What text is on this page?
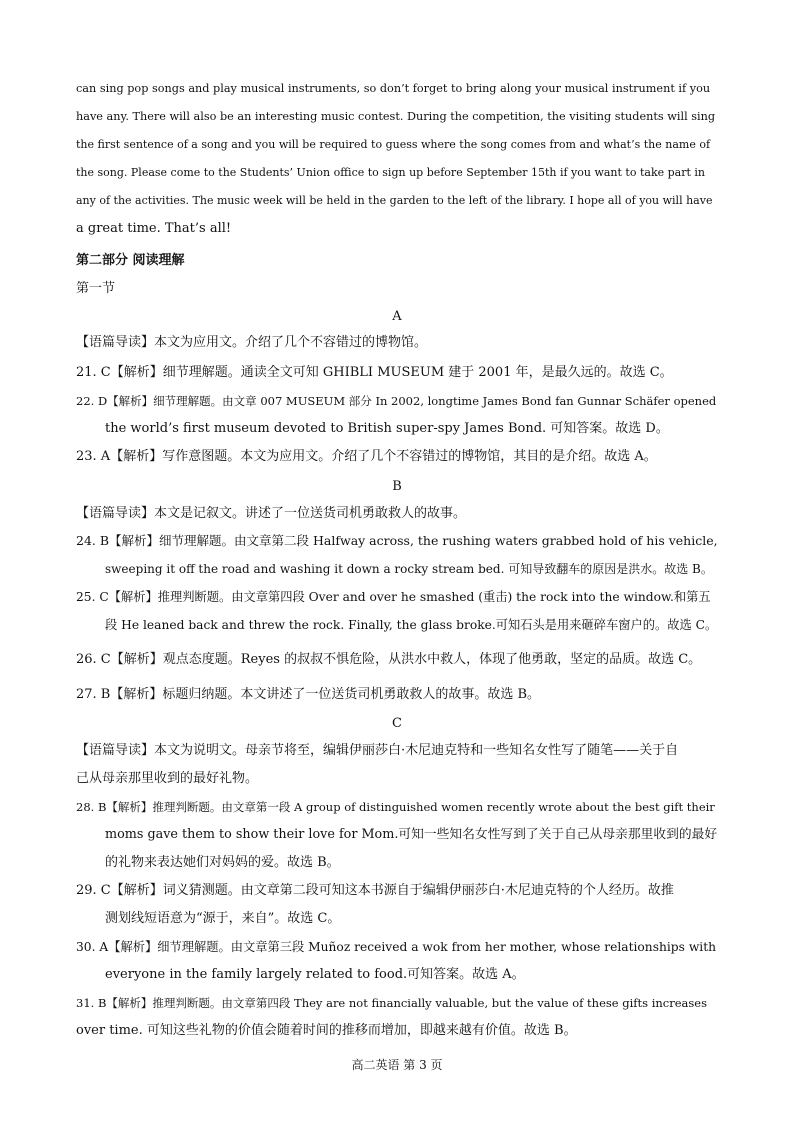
can sing pop songs and play musical instruments, so don’t forget to bring along your musical instrument if you
have any. There will also be an interesting music contest. During the competition, the visiting students will sing
the first sentence of a song and you will be required to guess where the song comes from and what’s the name of
the song. Please come to the Students’ Union office to sign up before September 15th if you want to take part in
any of the activities. The music week will be held in the garden to the left of the library. I hope all of you will have
a great time. That’s all!
第二部分 阅读理解
第一节
A
【语篇导读】本文为应用文。介绍了几个不容错过的博物馆。
21. C【解析】细节理解题。通读全文可知 GHIBLI MUSEUM 建于 2001 年，是最久远的。故选 C。
22. D【解析】细节理解题。由文章 007 MUSEUM 部分 In 2002, longtime James Bond fan Gunnar Schäfer opened
the world’s first museum devoted to British super-spy James Bond. 可知答案。故选 D。
23. A【解析】写作意图题。本文为应用文。介绍了几个不容错过的博物馆，其目的是介绍。故选 A。
B
【语篇导读】本文是记叙文。讲述了一位送货司机勇敢救人的故事。
24. B【解析】细节理解题。由文章第二段 Halfway across, the rushing waters grabbed hold of his vehicle,
sweeping it off the road and washing it down a rocky stream bed. 可知导致翻车的原因是洪水。故选 B。
25. C【解析】推理判断题。由文章第四段 Over and over he smashed (重击) the rock into the window.和第五
段 He leaned back and threw the rock. Finally, the glass broke.可知石头是用来砸碎车窗户的。故选 C。
26. C【解析】观点态度题。Reyes 的叔叔不惧危险，从洪水中救人，体现了他勇敢，坚定的品质。故选 C。
27. B【解析】标题归纳题。本文讲述了一位送货司机勇敢救人的故事。故选 B。
C
【语篇导读】本文为说明文。母亲节将至，编辑伊丽莎白·木尼迪克特和一些知名女性写了随笔——关于自
己从母亲那里收到的最好礼物。
28. B【解析】推理判断题。由文章第一段 A group of distinguished women recently wrote about the best gift their
moms gave them to show their love for Mom.可知一些知名女性写到了关于自己从母亲那里收到的最好
的礼物来表达她们对妈妈的爱。故选 B。
29. C【解析】词义猜测题。由文章第二段可知这本书源自于编辑伊丽莎白·木尼迪克特的个人经历。故推
测划线短语意为“源于，来自”。故选 C。
30. A【解析】细节理解题。由文章第三段 Muñoz received a wok from her mother, whose relationships with
everyone in the family largely related to food.可知答案。故选 A。
31. B【解析】推理判断题。由文章第四段 They are not financially valuable, but the value of these gifts increases
over time. 可知这些礼物的价值会随着时间的推移而增加，即越来越有价值。故选 B。
高二英语 第 3 页
